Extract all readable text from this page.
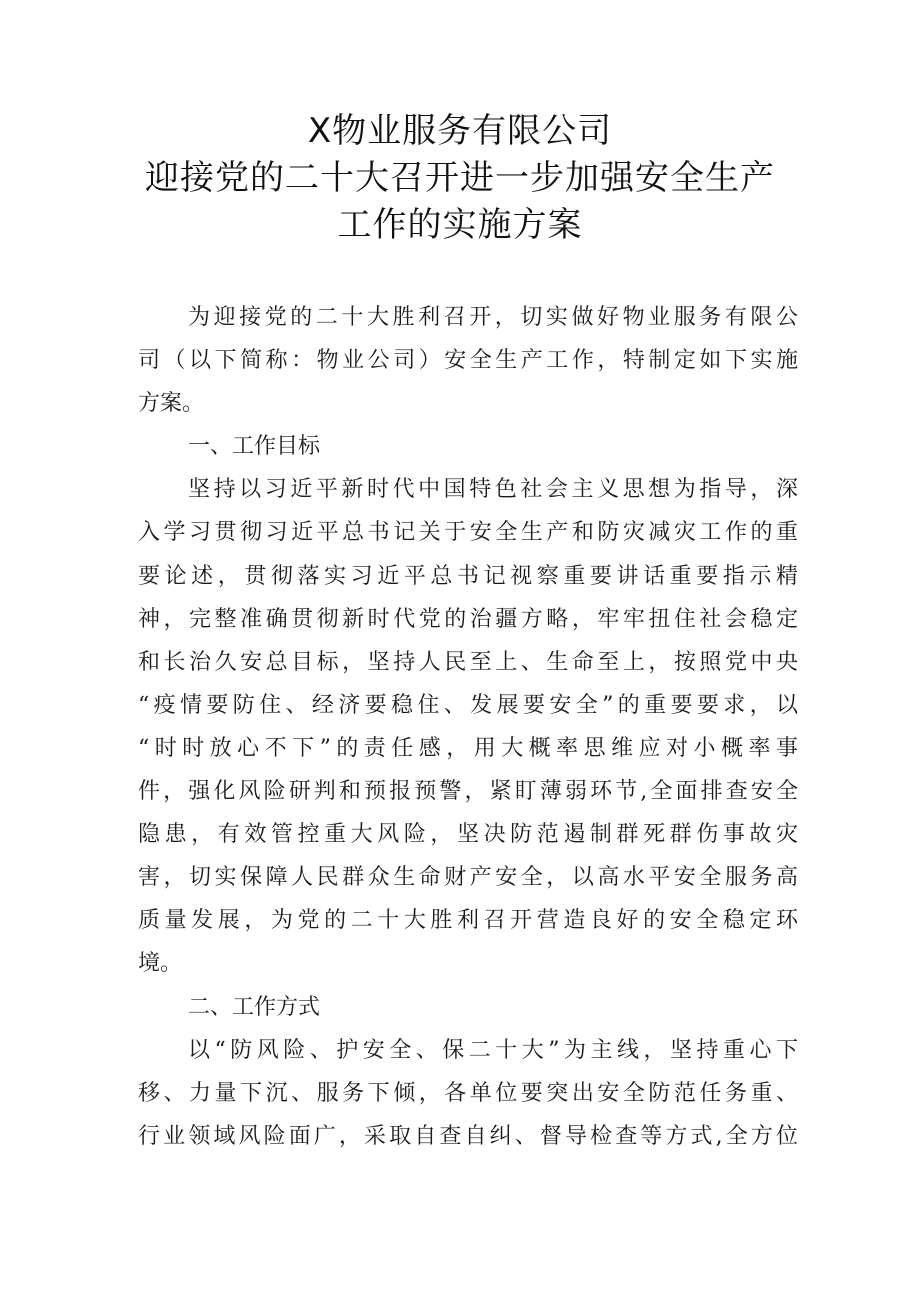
X物业服务有限公司
迎接党的二十大召开进一步加强安全生产
工作的实施方案
为迎接党的二十大胜利召开，切实做好物业服务有限公
司（以下简称：物业公司）安全生产工作，特制定如下实施
方案。
一、工作目标
坚持以习近平新时代中国特色社会主义思想为指导，深
入学习贯彻习近平总书记关于安全生产和防灾减灾工作的重
要论述，贯彻落实习近平总书记视察重要讲话重要指示精
神，完整准确贯彻新时代党的治疆方略，牢牢扭住社会稳定
和长治久安总目标，坚持人民至上、生命至上，按照党中央
“疫情要防住、经济要稳住、发展要安全”的重要要求，以
“时时放心不下”的责任感，用大概率思维应对小概率事
件，强化风险研判和预报预警，紧盯薄弱环节,全面排查安全
隐患，有效管控重大风险，坚决防范遏制群死群伤事故灾
害，切实保障人民群众生命财产安全，以高水平安全服务高
质量发展，为党的二十大胜利召开营造良好的安全稳定环
境。
二、工作方式
以“防风险、护安全、保二十大”为主线，坚持重心下
移、力量下沉、服务下倾，各单位要突出安全防范任务重、
行业领域风险面广，采取自查自纠、督导检查等方式,全方位
